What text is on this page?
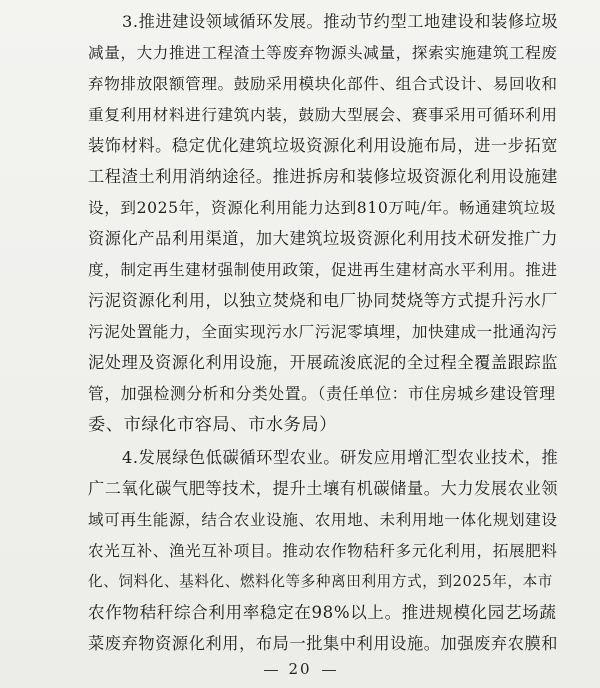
3.推进建设领域循环发展。推动节约型工地建设和装修垃圾
减量，大力推进工程渣土等废弃物源头减量，探索实施建筑工程废
弃物排放限额管理。鼓励采用模块化部件、组合式设计、易回收和
重复利用材料进行建筑内装，鼓励大型展会、赛事采用可循环利用
装饰材料。稳定优化建筑垃圾资源化利用设施布局，进一步拓宽
工程渣土利用消纳途径。推进拆房和装修垃圾资源化利用设施建
设，到2025年，资源化利用能力达到810万吨/年。畅通建筑垃圾
资源化产品利用渠道，加大建筑垃圾资源化利用技术研发推广力
度，制定再生建材强制使用政策，促进再生建材高水平利用。推进
污泥资源化利用，以独立焚烧和电厂协同焚烧等方式提升污水厂
污泥处置能力，全面实现污水厂污泥零填埋，加快建成一批通沟污
泥处理及资源化利用设施，开展疏浚底泥的全过程全覆盖跟踪监
管，加强检测分析和分类处置。（责任单位：市住房城乡建设管理
委、市绿化市容局、市水务局）
4.发展绿色低碳循环型农业。研发应用增汇型农业技术，推
广二氧化碳气肥等技术，提升土壤有机碳储量。大力发展农业领
域可再生能源，结合农业设施、农用地、未利用地一体化规划建设
农光互补、渔光互补项目。推动农作物秸秆多元化利用，拓展肥料
化、饲料化、基料化、燃料化等多种离田利用方式，到2025年，本市
农作物秸秆综合利用率稳定在98%以上。推进规模化园艺场蔬
菜废弃物资源化利用，布局一批集中利用设施。加强废弃农膜和
20
